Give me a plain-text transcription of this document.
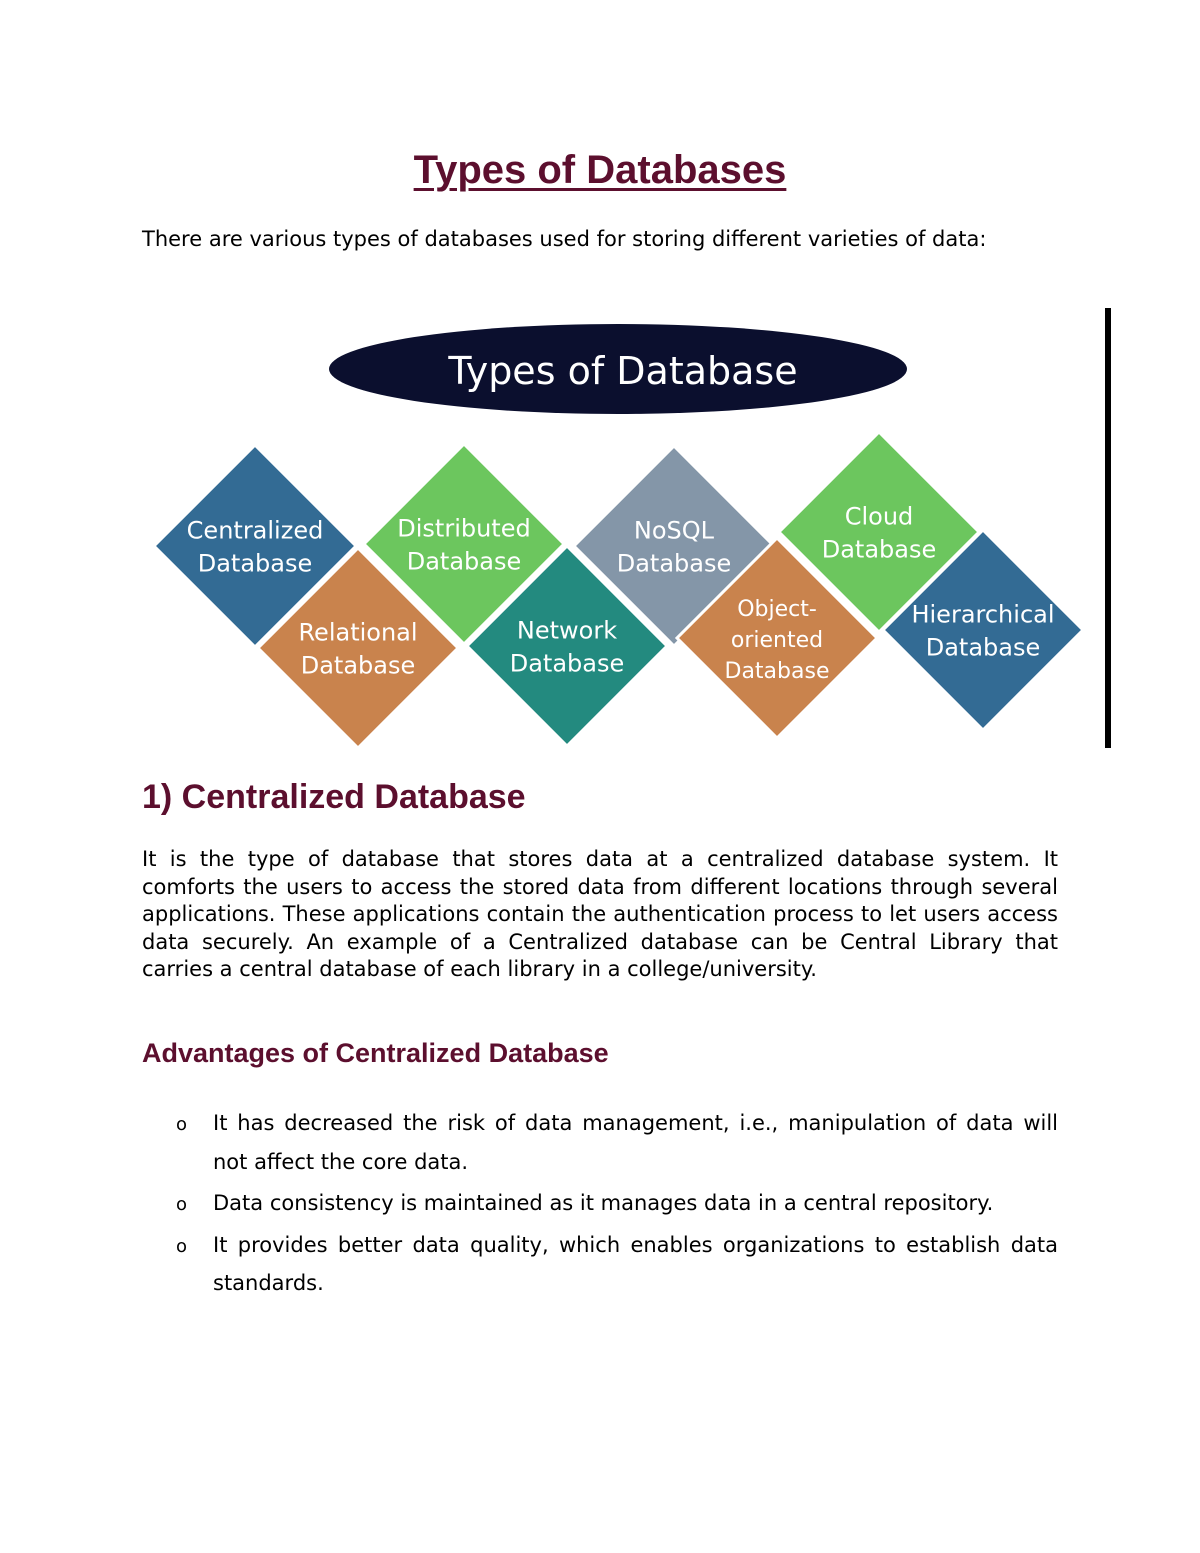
Types of Databases

There are various types of databases used for storing different varieties of data:

Types of Database
Centralized
Database
Distributed
Database
NoSQL
Database
Cloud
Database
Relational
Database
Network
Database
Object-
oriented
Database
Hierarchical
Database
1) Centralized Database

It is the type of database that stores data at a centralized database system. It comforts the users to access the stored data from different locations through several applications. These applications contain the authentication process to let users access data securely. An example of a Centralized database can be Central Library that carries a central database of each library in a college/university.

Advantages of Centralized Database
o It has decreased the risk of data management, i.e., manipulation of data will not affect the core data.
o Data consistency is maintained as it manages data in a central repository.
o It provides better data quality, which enables organizations to establish data standards.
